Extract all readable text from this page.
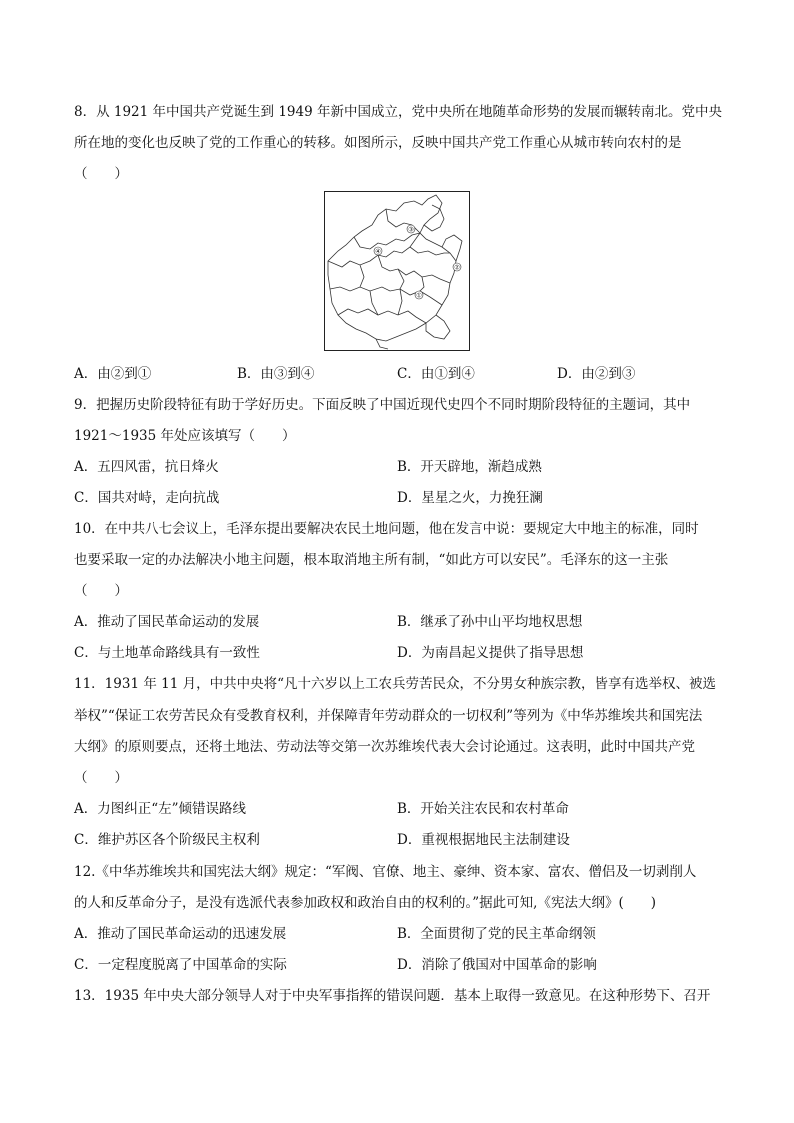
8．从 1921 年中国共产党诞生到 1949 年新中国成立，党中央所在地随革命形势的发展而辗转南北。党中央
所在地的变化也反映了党的工作重心的转移。如图所示，反映中国共产党工作重心从城市转向农村的是
（　　）
①
②
③
④
A．由②到①	B．由③到④	C．由①到④	D．由②到③
9．把握历史阶段特征有助于学好历史。下面反映了中国近现代史四个不同时期阶段特征的主题词，其中
1921～1935 年处应该填写（　　）
A．五四风雷，抗日烽火	B．开天辟地，渐趋成熟
C．国共对峙，走向抗战	D．星星之火，力挽狂澜
10．在中共八七会议上，毛泽东提出要解决农民土地问题，他在发言中说：要规定大中地主的标准，同时
也要采取一定的办法解决小地主问题，根本取消地主所有制，“如此方可以安民”。毛泽东的这一主张
（　　）
A．推动了国民革命运动的发展	B．继承了孙中山平均地权思想
C．与土地革命路线具有一致性	D．为南昌起义提供了指导思想
11．1931 年 11 月，中共中央将“凡十六岁以上工农兵劳苦民众，不分男女种族宗教，皆享有选举权、被选
举权”“保证工农劳苦民众有受教育权利，并保障青年劳动群众的一切权利”等列为《中华苏维埃共和国宪法
大纲》的原则要点，还将土地法、劳动法等交第一次苏维埃代表大会讨论通过。这表明，此时中国共产党
（　　）
A．力图纠正“左”倾错误路线	B．开始关注农民和农村革命
C．维护苏区各个阶级民主权利	D．重视根据地民主法制建设
12.《中华苏维埃共和国宪法大纲》规定：“军阀、官僚、地主、豪绅、资本家、富农、僧侣及一切剥削人
的人和反革命分子，是没有选派代表参加政权和政治自由的权利的。”据此可知,《宪法大纲》(　　)
A．推动了国民革命运动的迅速发展	B．全面贯彻了党的民主革命纲领
C．一定程度脱离了中国革命的实际	D．消除了俄国对中国革命的影响
13．1935 年中央大部分领导人对于中央军事指挥的错误问题．基本上取得一致意见。在这种形势下、召开
